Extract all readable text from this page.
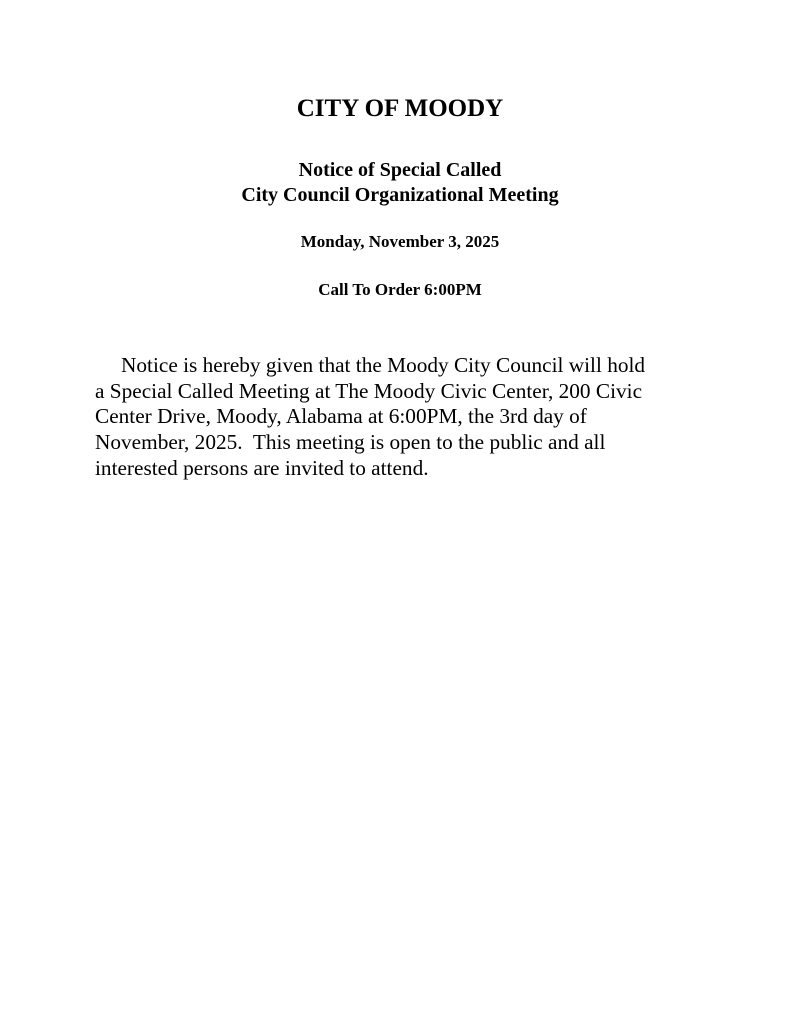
CITY OF MOODY
Notice of Special Called
City Council Organizational Meeting
Monday, November 3, 2025
Call To Order 6:00PM
Notice is hereby given that the Moody City Council will hold
a Special Called Meeting at The Moody Civic Center, 200 Civic
Center Drive, Moody, Alabama at 6:00PM, the 3rd day of
November, 2025.  This meeting is open to the public and all
interested persons are invited to attend.
